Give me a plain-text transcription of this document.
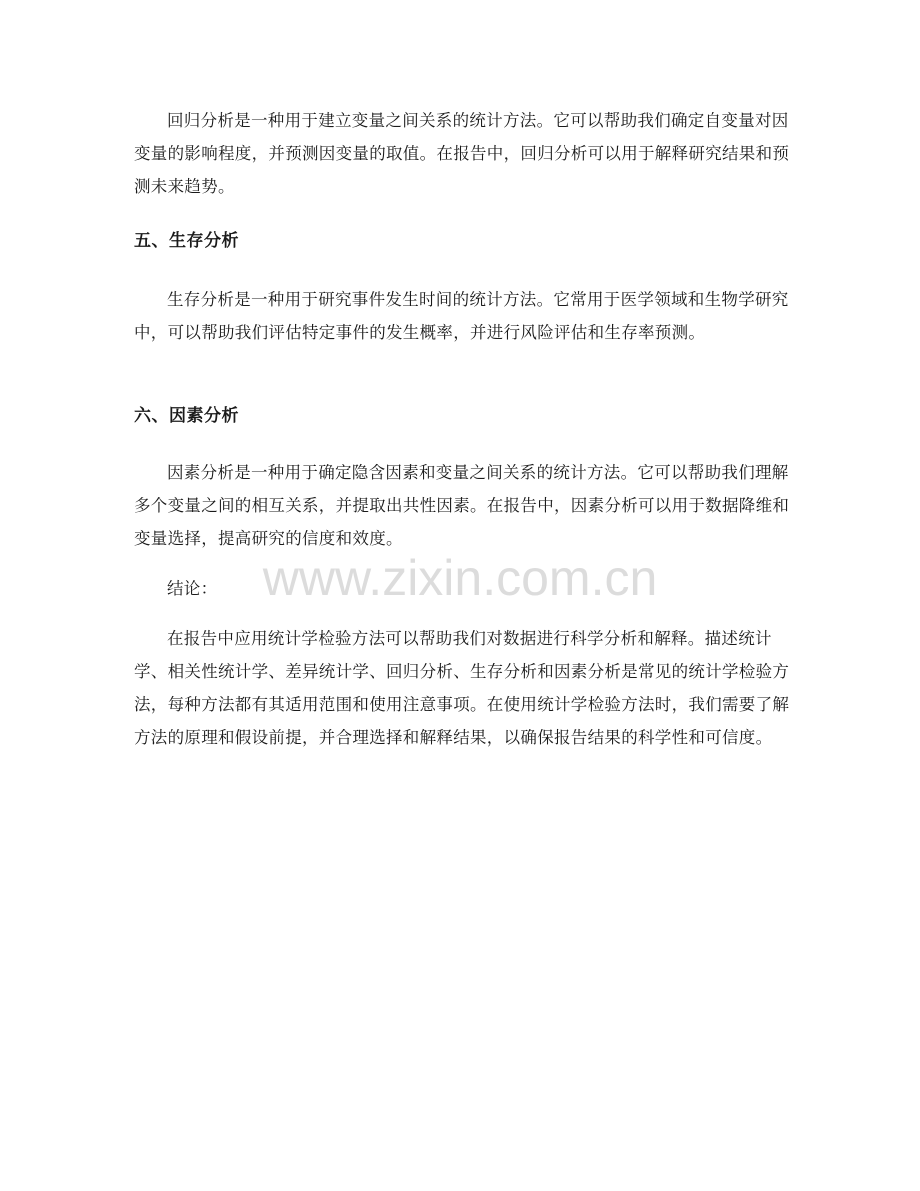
回归分析是一种用于建立变量之间关系的统计方法。它可以帮助我们确定自变量对因变量的影响程度，并预测因变量的取值。在报告中，回归分析可以用于解释研究结果和预测未来趋势。

五、生存分析

生存分析是一种用于研究事件发生时间的统计方法。它常用于医学领域和生物学研究中，可以帮助我们评估特定事件的发生概率，并进行风险评估和生存率预测。

六、因素分析

因素分析是一种用于确定隐含因素和变量之间关系的统计方法。它可以帮助我们理解多个变量之间的相互关系，并提取出共性因素。在报告中，因素分析可以用于数据降维和变量选择，提高研究的信度和效度。

结论：

在报告中应用统计学检验方法可以帮助我们对数据进行科学分析和解释。描述统计学、相关性统计学、差异统计学、回归分析、生存分析和因素分析是常见的统计学检验方法，每种方法都有其适用范围和使用注意事项。在使用统计学检验方法时，我们需要了解方法的原理和假设前提，并合理选择和解释结果，以确保报告结果的科学性和可信度。

www.zixin.com.cn
